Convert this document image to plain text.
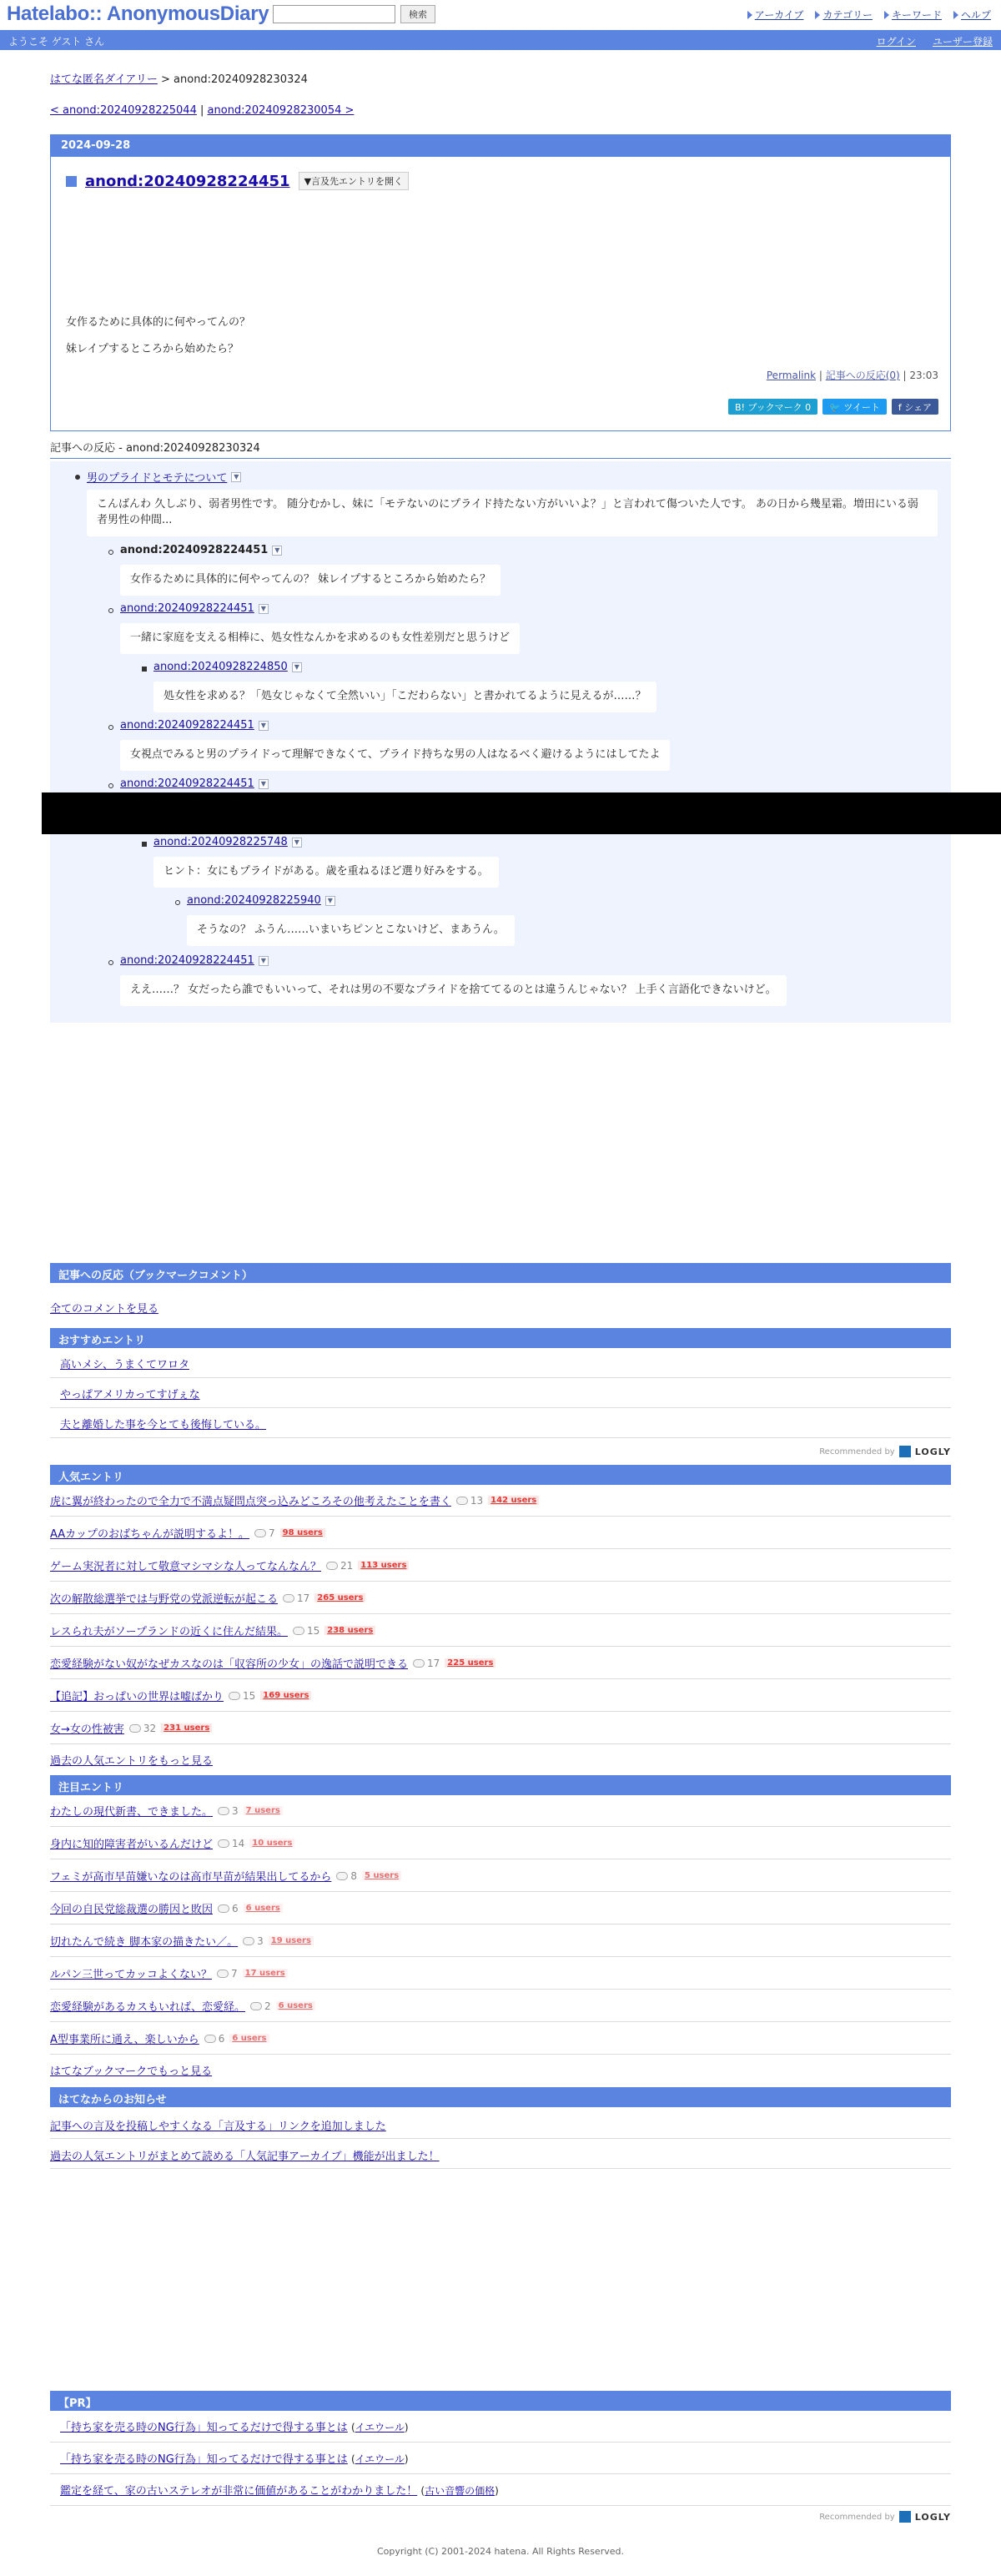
Hatelabo:: AnonymousDiary	検索	アーカイブ	カテゴリー	キーワード	ヘルプ
ようこそ ゲスト さん	ログイン ユーザー登録
はてな匿名ダイアリー > anond:20240928230324
< anond:20240928225044 | anond:20240928230054 >
2024-09-28
anond:20240928224451	▼言及先エントリを開く
女作るために具体的に何やってんの？
妹レイプするところから始めたら？
Permalink | 記事への反応(0) | 23:03
B! ブックマーク 0	🐦 ツイート	f シェア
記事への反応 - anond:20240928230324
男のプライドとモテについて ▼
こんばんわ 久しぶり、弱者男性です。 随分むかし、妹に「モテないのにプライド持たない方がいいよ？」と言われて傷ついた人です。 あの日から幾星霜。増田にいる弱者男性の仲間...
anond:20240928224451 ▼
女作るために具体的に何やってんの？ 妹レイプするところから始めたら？
anond:20240928224451 ▼
一緒に家庭を支える相棒に、処女性なんかを求めるのも女性差別だと思うけど
anond:20240928224850 ▼
処女性を求める？「処女じゃなくて全然いい」「こだわらない」と書かれてるように見えるが……？
anond:20240928224451 ▼
女視点でみると男のプライドって理解できなくて、プライド持ちな男の人はなるべく避けるようにはしてたよ
anond:20240928224451 ▼
anond:20240928225748 ▼
ヒント：女にもプライドがある。歳を重ねるほど選り好みをする。
anond:20240928225940 ▼
そうなの？ ふうん……いまいちピンとこないけど、まあうん。
anond:20240928224451 ▼
ええ……？ 女だったら誰でもいいって、それは男の不要なプライドを捨ててるのとは違うんじゃない？ 上手く言語化できないけど。
記事への反応（ブックマークコメント）
全てのコメントを見る
おすすめエントリ
高いメシ、うまくてワロタ
やっぱアメリカってすげぇな
夫と離婚した事を今とても後悔している。
Recommended by LOGLY
人気エントリ
虎に翼が終わったので全力で不満点疑問点突っ込みどころその他考えたことを書く 13 142 users
AAカップのおばちゃんが説明するよ！。 7 98 users
ゲーム実況者に対して敬意マシマシな人ってなんなん？ 21 113 users
次の解散総選挙では与野党の党派逆転が起こる 17 265 users
レスられ夫がソープランドの近くに住んだ結果。 15 238 users
恋愛経験がない奴がなぜカスなのは「収容所の少女」の逸話で説明できる 17 225 users
【追記】おっぱいの世界は嘘ばかり 15 169 users
女→女の性被害 32 231 users
過去の人気エントリをもっと見る
注目エントリ
わたしの現代新書、できました。 3 7 users
身内に知的障害者がいるんだけど 14 10 users
フェミが高市早苗嫌いなのは高市早苗が結果出してるから 8 5 users
今回の自民党総裁選の勝因と敗因 6 6 users
切れたんで続き 脚本家の描きたい／。 3 19 users
ルパン三世ってカッコよくない？ 7 17 users
恋愛経験があるカスもいれば、恋愛経。 2 6 users
A型事業所に通え、楽しいから 6 6 users
はてなブックマークでもっと見る
はてなからのお知らせ
記事への言及を投稿しやすくなる「言及する」リンクを追加しました
過去の人気エントリがまとめて読める「人気記事アーカイブ」機能が出ました！
【PR】
「持ち家を売る時のNG行為」知ってるだけで得する事とは (イエウール)
「持ち家を売る時のNG行為」知ってるだけで得する事とは (イエウール)
鑑定を経て、家の古いステレオが非常に価値があることがわかりました！ (古い音響の価格)
Recommended by LOGLY
Copyright (C) 2001-2024 hatena. All Rights Reserved.
